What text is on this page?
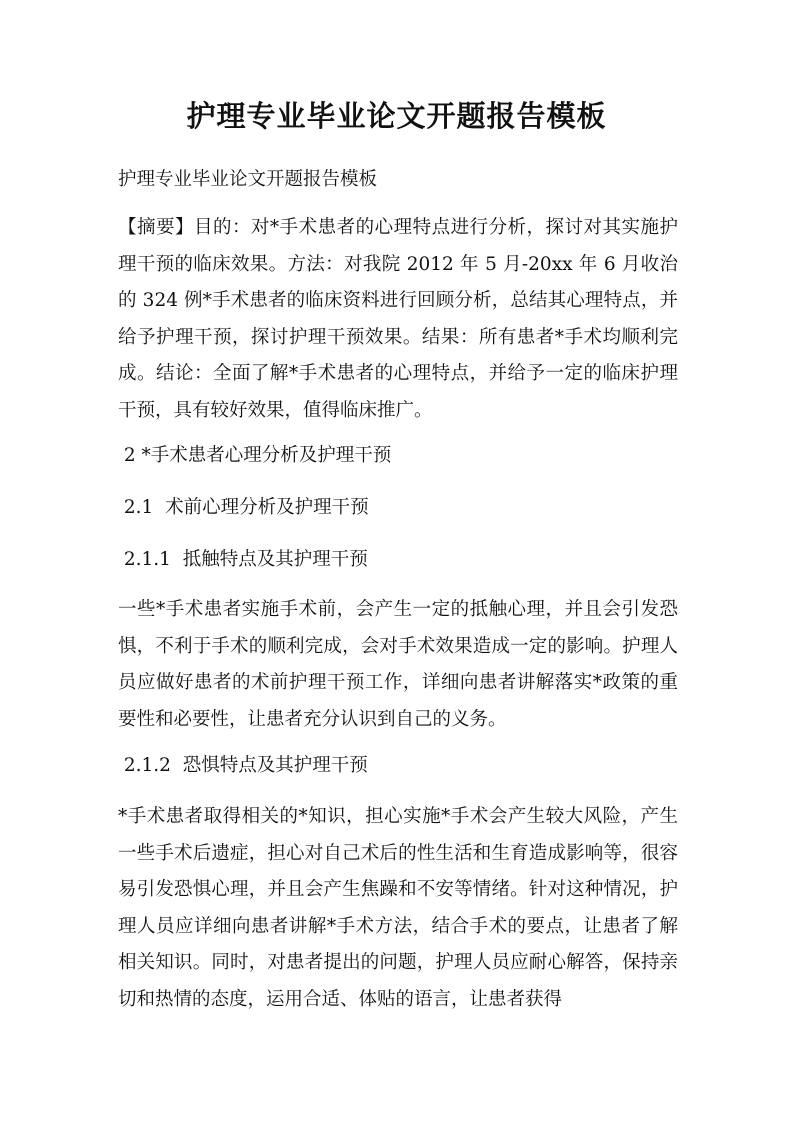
护理专业毕业论文开题报告模板

护理专业毕业论文开题报告模板

【摘要】目的：对*手术患者的心理特点进行分析，探讨对其实施护理干预的临床效果。方法：对我院 2012 年 5 月-20xx 年 6 月收治的 324 例*手术患者的临床资料进行回顾分析，总结其心理特点，并给予护理干预，探讨护理干预效果。结果：所有患者*手术均顺利完成。结论：全面了解*手术患者的心理特点，并给予一定的临床护理干预，具有较好效果，值得临床推广。

2 *手术患者心理分析及护理干预

2.1  术前心理分析及护理干预

2.1.1  抵触特点及其护理干预

一些*手术患者实施手术前，会产生一定的抵触心理，并且会引发恐惧，不利于手术的顺利完成，会对手术效果造成一定的影响。护理人员应做好患者的术前护理干预工作，详细向患者讲解落实*政策的重要性和必要性，让患者充分认识到自己的义务。

2.1.2  恐惧特点及其护理干预

*手术患者取得相关的*知识，担心实施*手术会产生较大风险，产生一些手术后遗症，担心对自己术后的性生活和生育造成影响等，很容易引发恐惧心理，并且会产生焦躁和不安等情绪。针对这种情况，护理人员应详细向患者讲解*手术方法，结合手术的要点，让患者了解相关知识。同时，对患者提出的问题，护理人员应耐心解答，保持亲切和热情的态度，运用合适、体贴的语言，让患者获得
